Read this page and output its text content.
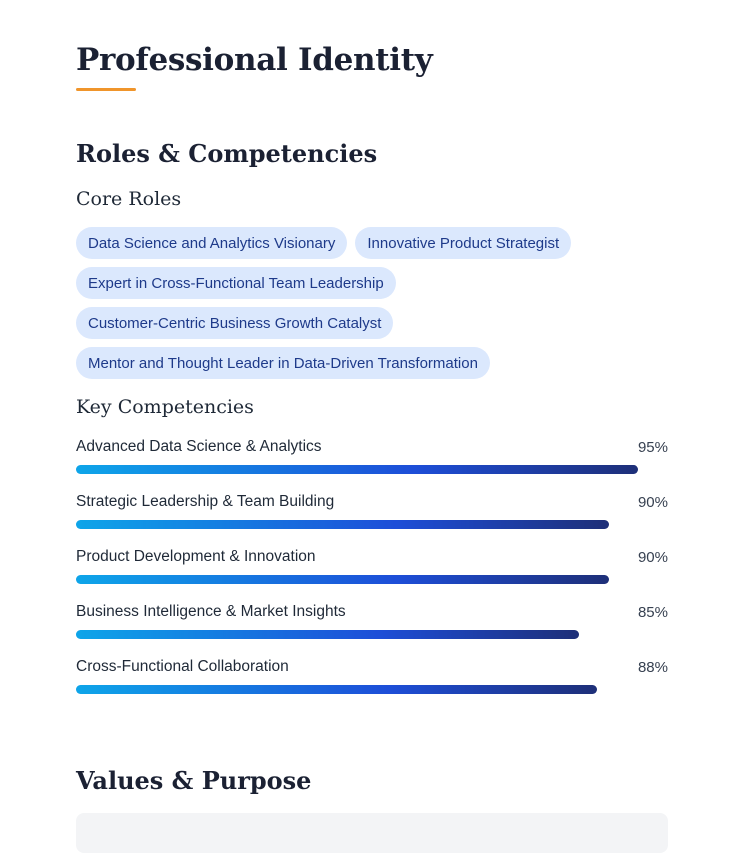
Professional Identity
Roles & Competencies
Core Roles
Data Science and Analytics Visionary	Innovative Product Strategist
Expert in Cross-Functional Team Leadership
Customer-Centric Business Growth Catalyst
Mentor and Thought Leader in Data-Driven Transformation
Key Competencies
Advanced Data Science & Analytics	95%
Strategic Leadership & Team Building	90%
Product Development & Innovation	90%
Business Intelligence & Market Insights	85%
Cross-Functional Collaboration	88%
Values & Purpose
